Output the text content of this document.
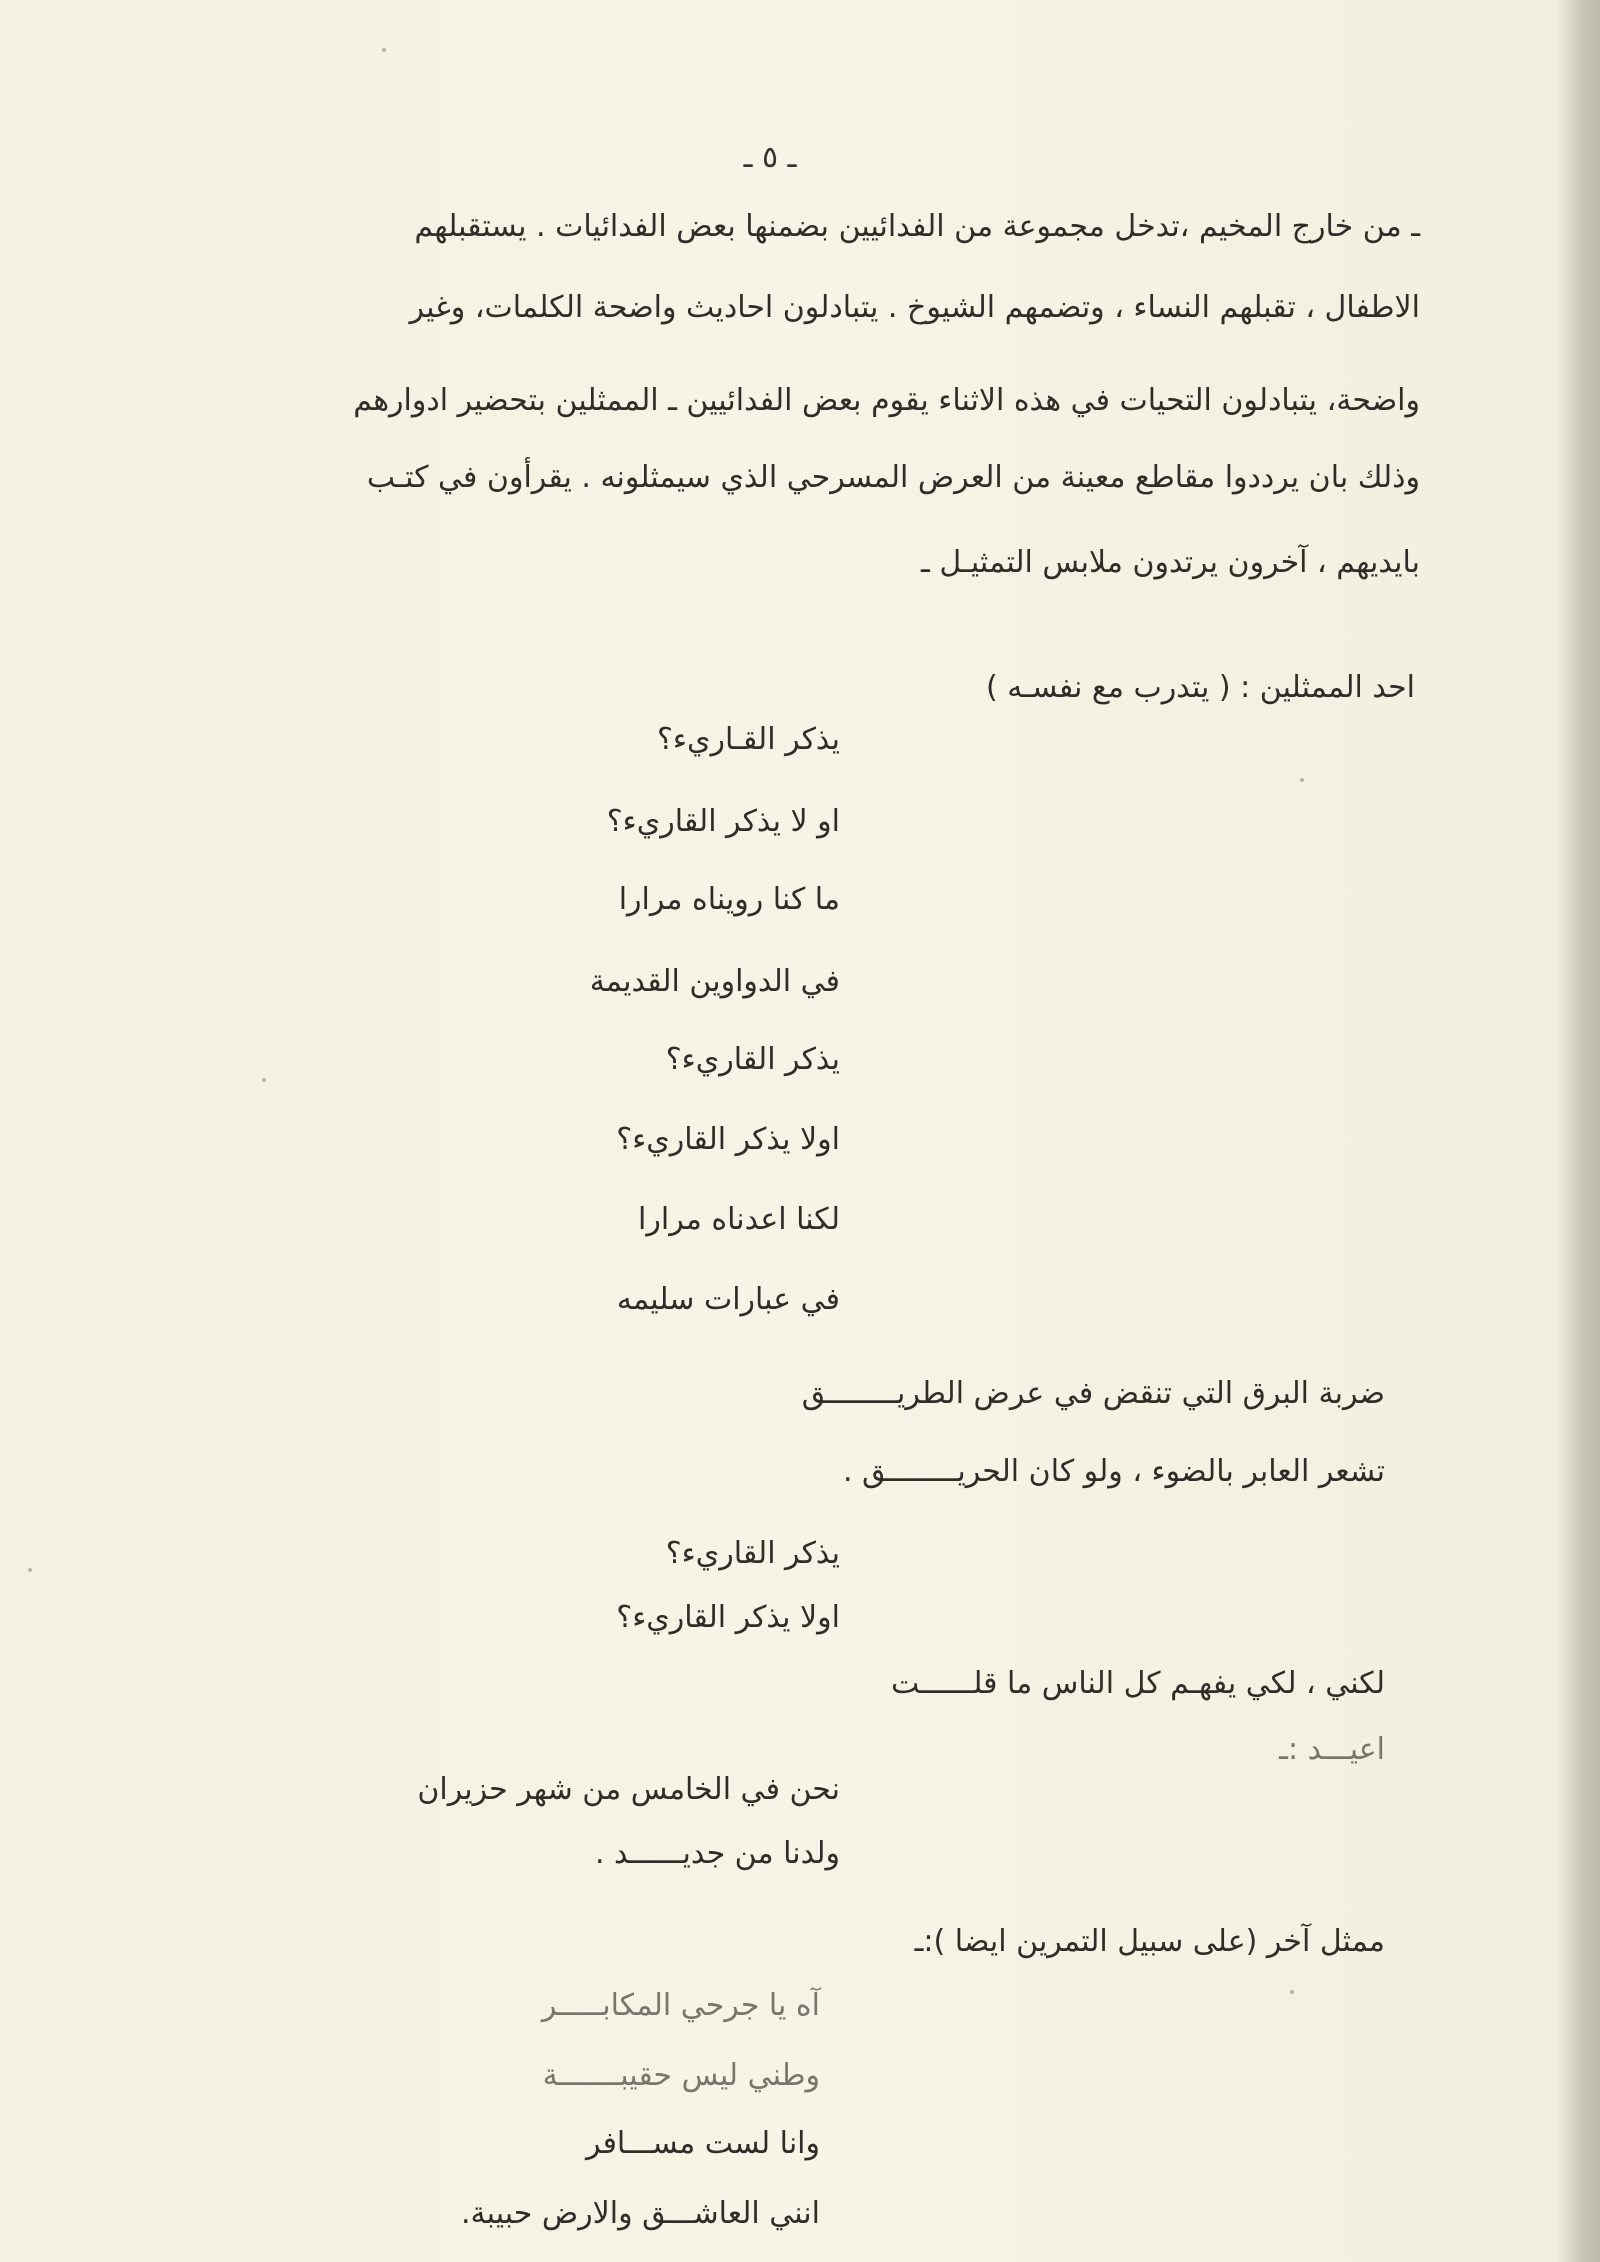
ـ ٥ ـ
ـ من خارج المخيم ،تدخل مجموعة من الفدائيين بضمنها بعض الفدائيات . يستقبلهم
الاطفال ، تقبلهم النساء ، وتضمهم الشيوخ . يتبادلون احاديث واضحة الكلمات، وغير
واضحة، يتبادلون التحيات في هذه الاثناء يقوم بعض الفدائيين ـ الممثلين بتحضير ادوارهم
وذلك بان يرددوا مقاطع معينة من العرض المسرحي الذي سيمثلونه . يقرأون في كتـب
بايديهم ، آخرون يرتدون ملابس التمثيـل ـ
احد الممثلين : ( يتدرب مع نفسـه )
يذكر القـاريء؟
او لا يذكر القاريء؟
ما كنا رويناه مرارا
في الدواوين القديمة
يذكر القاريء؟
اولا يذكر القاريء؟
لكنا اعدناه مرارا
في عبارات سليمه
ضربة البرق التي تنقض في عرض الطريــــــــق
تشعر العابر بالضوء ، ولو كان الحريــــــــق .
يذكر القاريء؟
اولا يذكر القاريء؟
لكني ، لكي يفهـم كل الناس ما قلــــــت
اعيـــد :ـ
نحن في الخامس من شهر حزيران
ولدنا من جديــــــد .
ممثل آخر (على سبيل التمرين ايضا ):ـ
آه يا جرحي المكابـــــر
وطني ليس حقيبـــــــة
وانا لست مســـافر
انني العاشـــق والارض حبيبة.
